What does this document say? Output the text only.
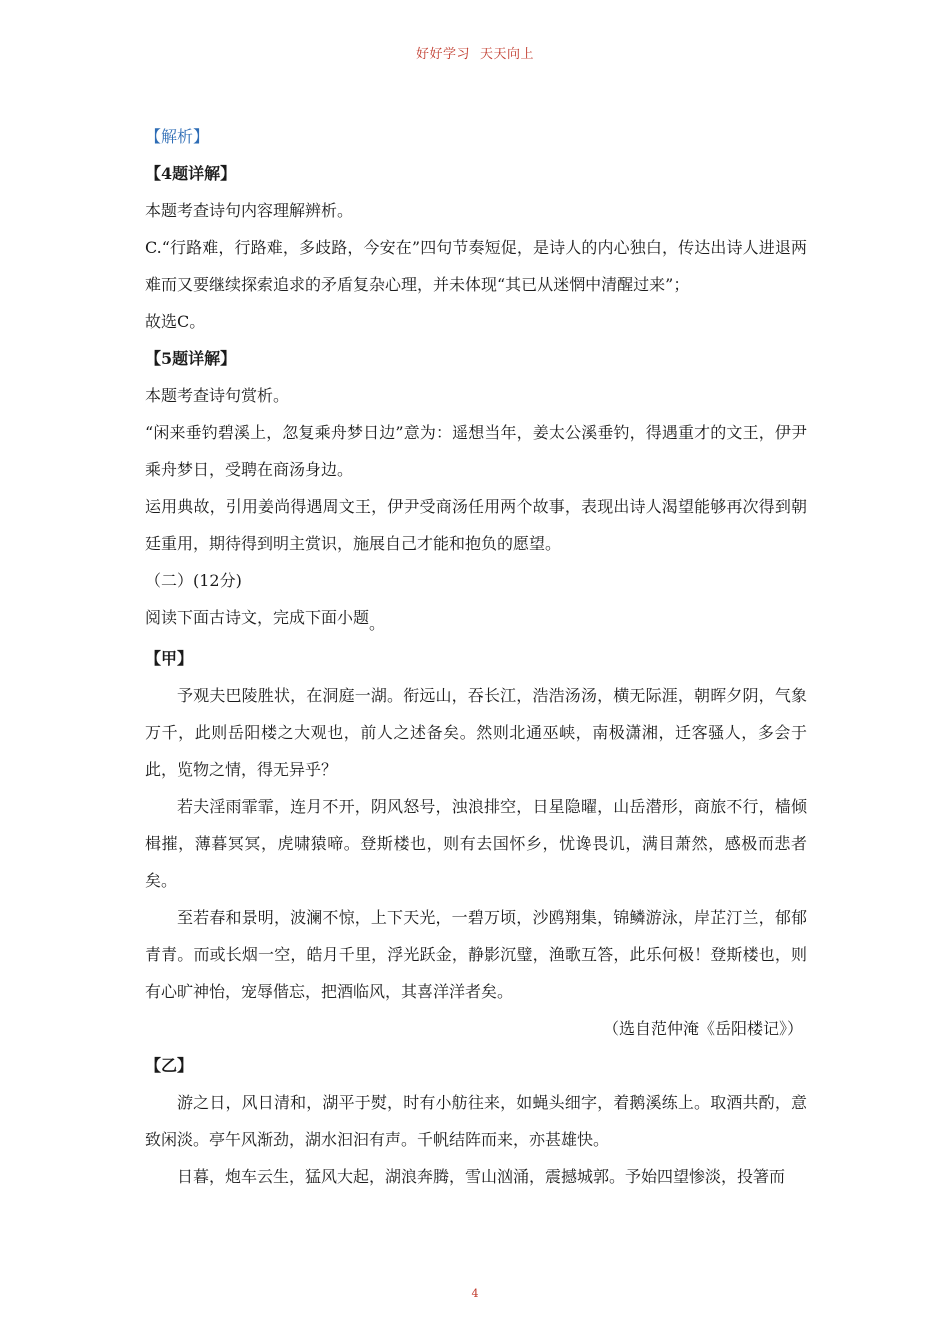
好好学习 天天向上

【解析】

【4题详解】

本题考查诗句内容理解辨析。

C.“行路难，行路难，多歧路，今安在”四句节奏短促，是诗人的内心独白，传达出诗人进退两难而又要继续探索追求的矛盾复杂心理，并未体现“其已从迷惘中清醒过来”；

故选C。

【5题详解】

本题考查诗句赏析。

“闲来垂钓碧溪上，忽复乘舟梦日边”意为：遥想当年，姜太公溪垂钓，得遇重才的文王，伊尹乘舟梦日，受聘在商汤身边。

运用典故，引用姜尚得遇周文王，伊尹受商汤任用两个故事，表现出诗人渴望能够再次得到朝廷重用，期待得到明主赏识，施展自己才能和抱负的愿望。

（二）(12分)

阅读下面古诗文，完成下面小题。

【甲】

予观夫巴陵胜状，在洞庭一湖。衔远山，吞长江，浩浩汤汤，横无际涯，朝晖夕阴，气象万千，此则岳阳楼之大观也，前人之述备矣。然则北通巫峡，南极潇湘，迁客骚人，多会于此，览物之情，得无异乎？

若夫淫雨霏霏，连月不开，阴风怒号，浊浪排空，日星隐曜，山岳潜形，商旅不行，樯倾楫摧，薄暮冥冥，虎啸猿啼。登斯楼也，则有去国怀乡，忧谗畏讥，满目萧然，感极而悲者矣。

至若春和景明，波澜不惊，上下天光，一碧万顷，沙鸥翔集，锦鳞游泳，岸芷汀兰，郁郁青青。而或长烟一空，皓月千里，浮光跃金，静影沉璧，渔歌互答，此乐何极！登斯楼也，则有心旷神怡，宠辱偕忘，把酒临风，其喜洋洋者矣。

（选自范仲淹《岳阳楼记》）

【乙】

游之日，风日清和，湖平于熨，时有小舫往来，如蝇头细字，着鹅溪练上。取酒共酌，意致闲淡。亭午风渐劲，湖水汩汩有声。千帆结阵而来，亦甚雄快。

日暮，炮车云生，猛风大起，湖浪奔腾，雪山汹涌，震撼城郭。予始四望惨淡，投箸而

4
